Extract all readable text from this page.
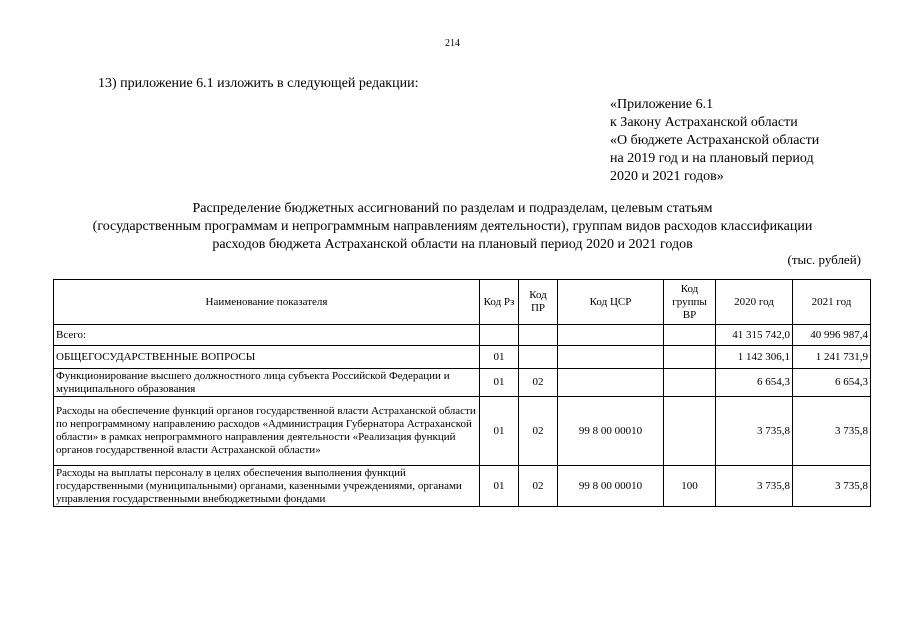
214
13) приложение 6.1 изложить в следующей редакции:
«Приложение 6.1
к Закону Астраханской области
«О бюджете Астраханской области
на 2019 год и на плановый период
2020 и 2021 годов»
Распределение бюджетных ассигнований по разделам и подразделам, целевым статьям
(государственным программам и непрограммным направлениям деятельности), группам видов расходов классификации
расходов бюджета Астраханской области на плановый период 2020 и 2021 годов
(тыс. рублей)
Наименование показателя	Код Рз	Код ПР	Код ЦСР	Код группы ВР	2020 год	2021 год
Всего:					41 315 742,0	40 996 987,4
ОБЩЕГОСУДАРСТВЕННЫЕ ВОПРОСЫ	01				1 142 306,1	1 241 731,9
Функционирование высшего должностного лица субъекта Российской Федерации и муниципального образования	01	02			6 654,3	6 654,3
Расходы на обеспечение функций органов государственной власти Астраханской области по непрограммному направлению расходов «Администрация Губернатора Астраханской области» в рамках непрограммного направления деятельности «Реализация функций органов государственной власти Астраханской области»	01	02	99 8 00 00010		3 735,8	3 735,8
Расходы на выплаты персоналу в целях обеспечения выполнения функций государственными (муниципальными) органами, казенными учреждениями, органами управления государственными внебюджетными фондами	01	02	99 8 00 00010	100	3 735,8	3 735,8
